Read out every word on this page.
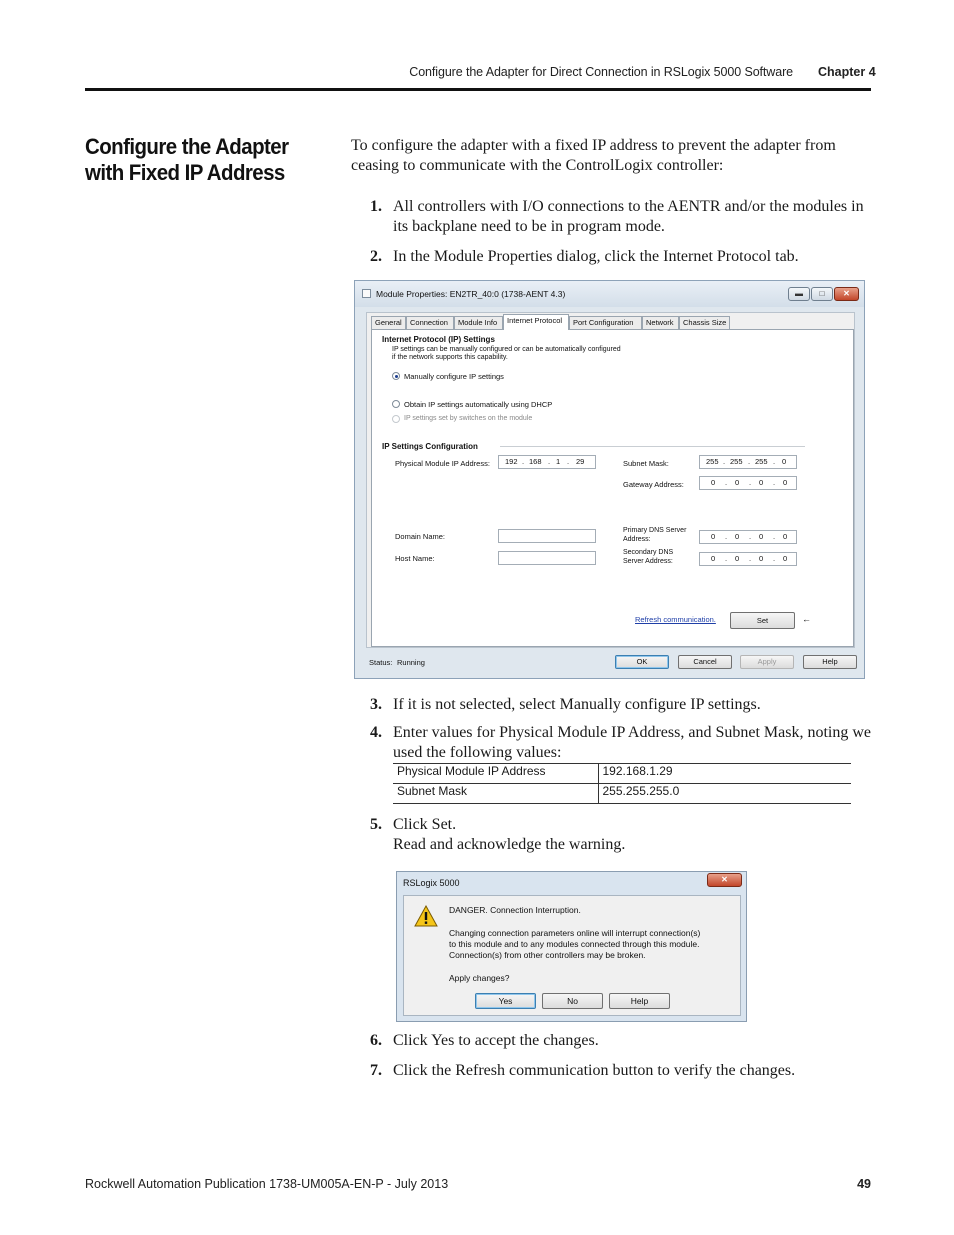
Configure the Adapter for Direct Connection in RSLogix 5000 Software Chapter 4
Configure the Adapter with Fixed IP Address
To configure the adapter with a fixed IP address to prevent the adapter from ceasing to communicate with the ControlLogix controller:
1. All controllers with I/O connections to the AENTR and/or the modules in its backplane need to be in program mode.
2. In the Module Properties dialog, click the Internet Protocol tab.
Module Properties: EN2TR_40:0 (1738-AENT 4.3)	▬	□	✕
General	Connection	Module Info	Internet Protocol	Port Configuration	Network	Chassis Size
Internet Protocol (IP) Settings
IP settings can be manually configured or can be automatically configured
if the network supports this capability.
Manually configure IP settings
Obtain IP settings automatically using DHCP
IP settings set by switches on the module
IP Settings Configuration
Physical Module IP Address: 192 . 168 . 1 . 29	Subnet Mask:	255 . 255 . 255 . 0
Gateway Address:	0 . 0 . 0 . 0
Domain Name:
Host Name:
Primary DNS Server
Address:	0 . 0 . 0 . 0
Secondary DNS
Server Address:	0 . 0 . 0 . 0
Refresh communication.	Set	←
Status: Running	OK	Cancel	Apply	Help
3. If it is not selected, select Manually configure IP settings.
4. Enter values for Physical Module IP Address, and Subnet Mask, noting we used the following values:
Physical Module IP Address	192.168.1.29
Subnet Mask	255.255.255.0
5. Click Set.
Read and acknowledge the warning.
RSLogix 5000	✕
DANGER. Connection Interruption.
Changing connection parameters online will interrupt connection(s)
to this module and to any modules connected through this module.
Connection(s) from other controllers may be broken.
Apply changes?
Yes	No	Help
6. Click Yes to accept the changes.
7. Click the Refresh communication button to verify the changes.
Rockwell Automation Publication 1738-UM005A-EN-P - July 2013	49
